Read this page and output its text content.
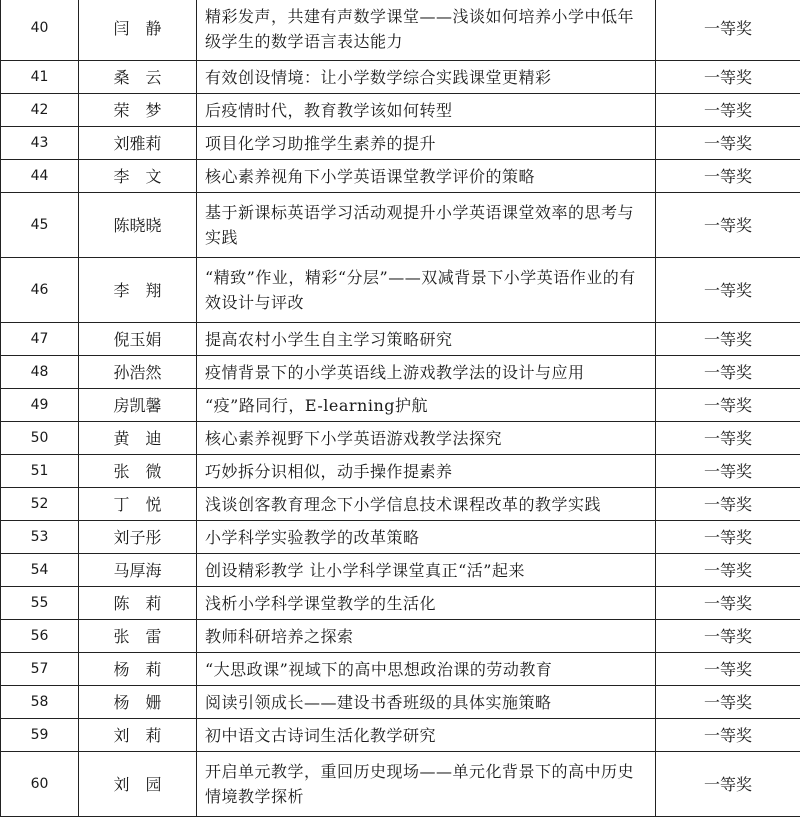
40	闫　静	精彩发声，共建有声数学课堂——浅谈如何培养小学中低年级学生的数学语言表达能力	一等奖
41	桑　云	有效创设情境：让小学数学综合实践课堂更精彩	一等奖
42	荣　梦	后疫情时代，教育教学该如何转型	一等奖
43	刘雅莉	项目化学习助推学生素养的提升	一等奖
44	李　文	核心素养视角下小学英语课堂教学评价的策略	一等奖
45	陈晓晓	基于新课标英语学习活动观提升小学英语课堂效率的思考与实践	一等奖
46	李　翔	“精致”作业，精彩“分层”——双减背景下小学英语作业的有效设计与评改	一等奖
47	倪玉娟	提高农村小学生自主学习策略研究	一等奖
48	孙浩然	疫情背景下的小学英语线上游戏教学法的设计与应用	一等奖
49	房凯馨	“疫”路同行，E-learning护航	一等奖
50	黄　迪	核心素养视野下小学英语游戏教学法探究	一等奖
51	张　微	巧妙拆分识相似，动手操作提素养	一等奖
52	丁　悦	浅谈创客教育理念下小学信息技术课程改革的教学实践	一等奖
53	刘子彤	小学科学实验教学的改革策略	一等奖
54	马厚海	创设精彩教学 让小学科学课堂真正“活”起来	一等奖
55	陈　莉	浅析小学科学课堂教学的生活化	一等奖
56	张　雷	教师科研培养之探索	一等奖
57	杨　莉	“大思政课”视域下的高中思想政治课的劳动教育	一等奖
58	杨　姗	阅读引领成长——建设书香班级的具体实施策略	一等奖
59	刘　莉	初中语文古诗词生活化教学研究	一等奖
60	刘　园	开启单元教学，重回历史现场——单元化背景下的高中历史情境教学探析	一等奖
